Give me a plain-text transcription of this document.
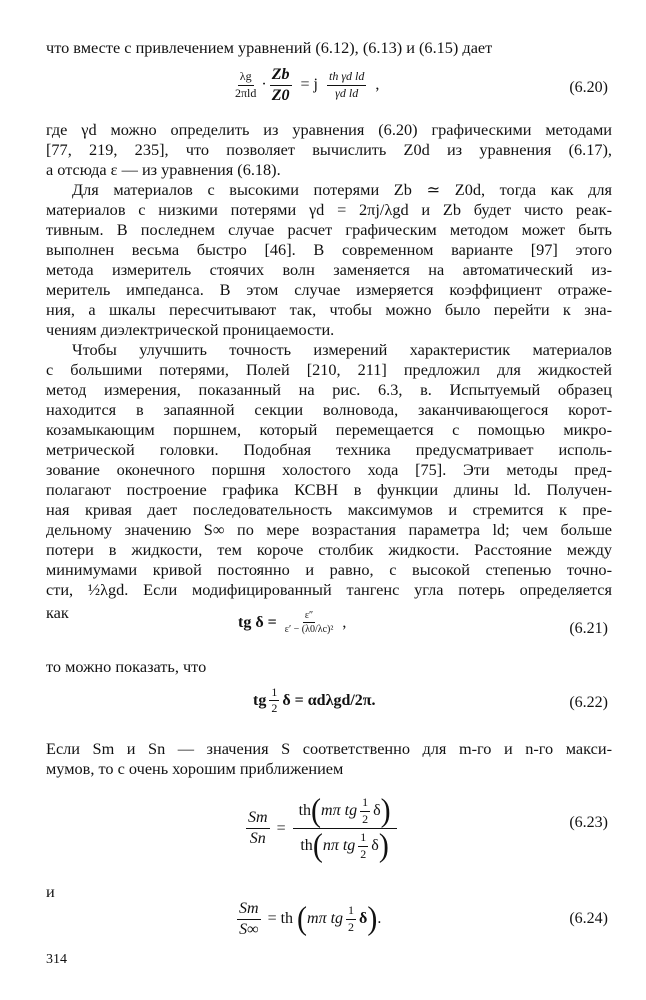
что вместе с привлечением уравнений (6.12), (6.13) и (6.15) дает
$\frac{\lambda g}{\text{2πld}} \cdot \frac{Zb}{Z0} = j \frac{\text{th γd ld}}{\text{γd ld}}$ ,	(6.20)
где γd можно определить из уравнения (6.20) графическими методами
[77, 219, 235], что позволяет вычислить Z0d из уравнения (6.17),
а отсюда ε — из уравнения (6.18).
Для материалов с высокими потерями Zb ≃ Z0d, тогда как для
материалов с низкими потерями γd = 2πj/λgd и Zb будет чисто реак-
тивным. В последнем случае расчет графическим методом может быть
выполнен весьма быстро [46]. В современном варианте [97] этого
метода измеритель стоячих волн заменяется на автоматический из-
меритель импеданса. В этом случае измеряется коэффициент отраже-
ния, а шкалы пересчитывают так, чтобы можно было перейти к зна-
чениям диэлектрической проницаемости.
Чтобы улучшить точность измерений характеристик материалов
с большими потерями, Полей [210, 211] предложил для жидкостей
метод измерения, показанный на рис. 6.3, в. Испытуемый образец
находится в запаянной секции волновода, заканчивающегося корот-
козамыкающим поршнем, который перемещается с помощью микро-
метрической головки. Подобная техника предусматривает исполь-
зование оконечного поршня холостого хода [75]. Эти методы пред-
полагают построение графика КСВН в функции длины ld. Получен-
ная кривая дает последовательность максимумов и стремится к пре-
дельному значению S∞ по мере возрастания параметра ld; чем больше
потери в жидкости, тем короче столбик жидкости. Расстояние между
минимумами кривой постоянно и равно, с высокой степенью точно-
сти, ½λgd. Если модифицированный тангенс угла потерь определяется
как	tg $\delta = \frac{\varepsilon''}{\text{ε′ − (λ0/λc)²}}$ ,	(6.21)
то можно показать, что
tg $\frac{1}{2}$ δ = αdλgd/2π.	(6.22)
Если Sm и Sn — значения S соответственно для m-го и n-го макси-
мумов, то с очень хорошим приближением
$\frac{Sm}{Sn}$ =
th ( mπ tg $\frac{1}{2}$ δ )
th ( nπ tg $\frac{1}{2}$ δ )
(6.23)
и
$\frac{Sm}{S\infty}$ = th ( mπ tg $\frac{1}{2}$ δ ) .	(6.24)
314
